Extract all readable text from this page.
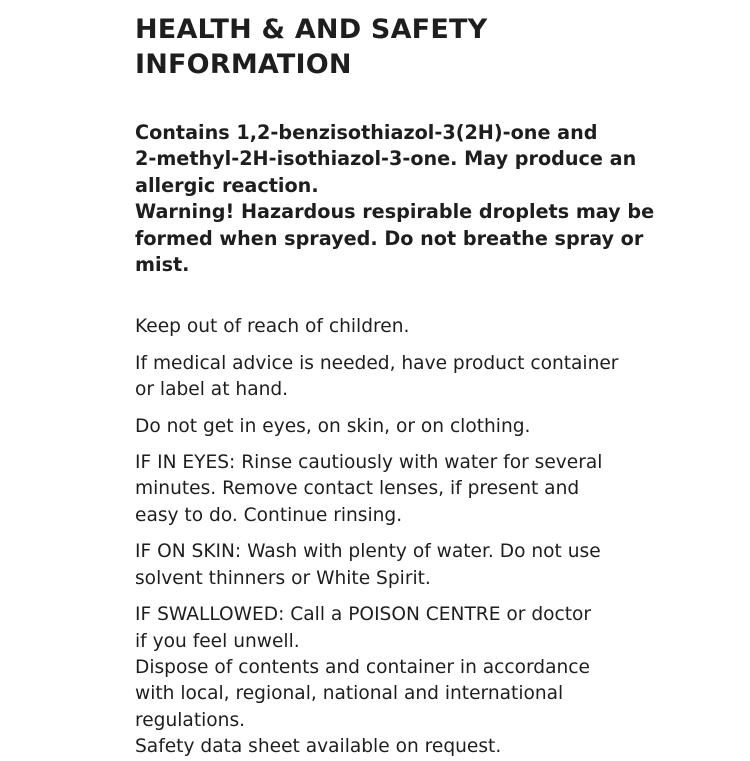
HEALTH & AND SAFETY
INFORMATION
Contains 1,2-benzisothiazol-3(2H)-one and
2-methyl-2H-isothiazol-3-one. May produce an
allergic reaction.
Warning! Hazardous respirable droplets may be
formed when sprayed. Do not breathe spray or
mist.

Keep out of reach of children.

If medical advice is needed, have product container
or label at hand.

Do not get in eyes, on skin, or on clothing.

IF IN EYES: Rinse cautiously with water for several
minutes. Remove contact lenses, if present and
easy to do. Continue rinsing.

IF ON SKIN: Wash with plenty of water. Do not use
solvent thinners or White Spirit.

IF SWALLOWED: Call a POISON CENTRE or doctor
if you feel unwell.

Dispose of contents and container in accordance
with local, regional, national and international
regulations.

Safety data sheet available on request.
